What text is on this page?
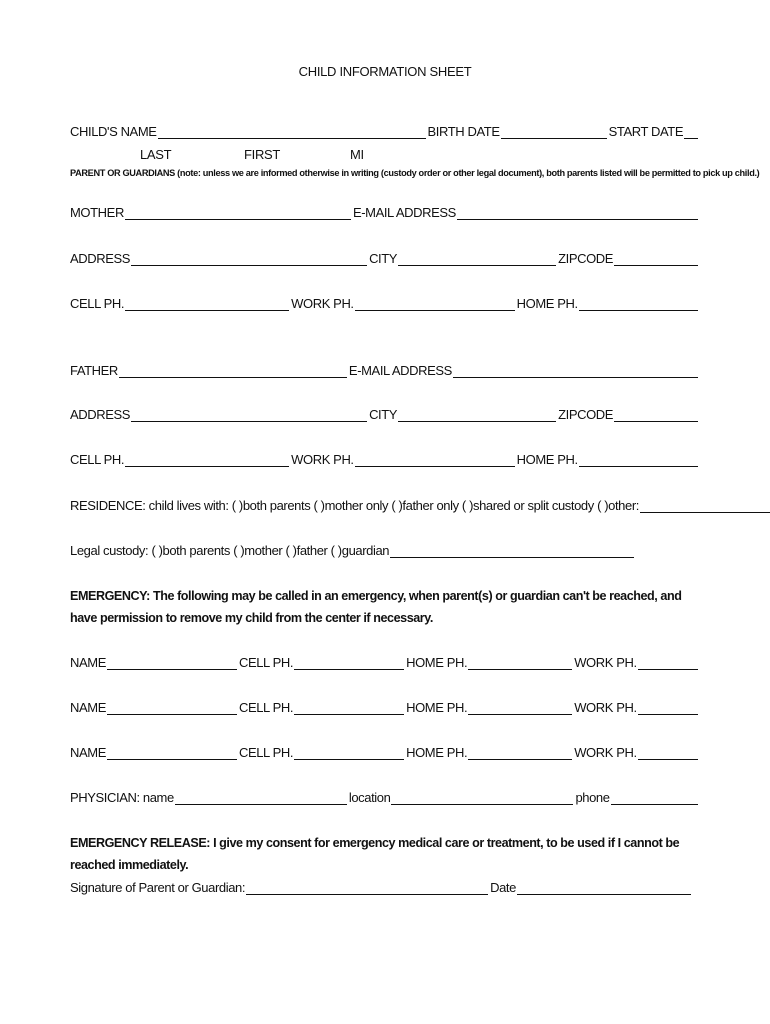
CHILD INFORMATION SHEET
CHILD'S NAME	BIRTH DATE	START DATE
LAST	FIRST	MI
PARENT OR GUARDIANS (note: unless we are informed otherwise in writing (custody order or other legal document), both parents listed will be permitted to pick up child.)
MOTHER	E-MAIL ADDRESS
ADDRESS	CITY	ZIPCODE
CELL PH.	WORK PH.	HOME PH.
FATHER	E-MAIL ADDRESS
ADDRESS	CITY	ZIPCODE
CELL PH.	WORK PH.	HOME PH.
RESIDENCE: child lives with: ( )both parents ( )mother only ( )father only ( )shared or split custody ( )other:
Legal custody: ( )both parents ( )mother ( )father ( )guardian
EMERGENCY: The following may be called in an emergency, when parent(s) or guardian can't be reached, and have permission to remove my child from the center if necessary.
NAME	CELL PH.	HOME PH.	WORK PH.
NAME	CELL PH.	HOME PH.	WORK PH.
NAME	CELL PH.	HOME PH.	WORK PH.
PHYSICIAN: name	location	phone
EMERGENCY RELEASE: I give my consent for emergency medical care or treatment, to be used if I cannot be reached immediately.
Signature of Parent or Guardian:	Date
